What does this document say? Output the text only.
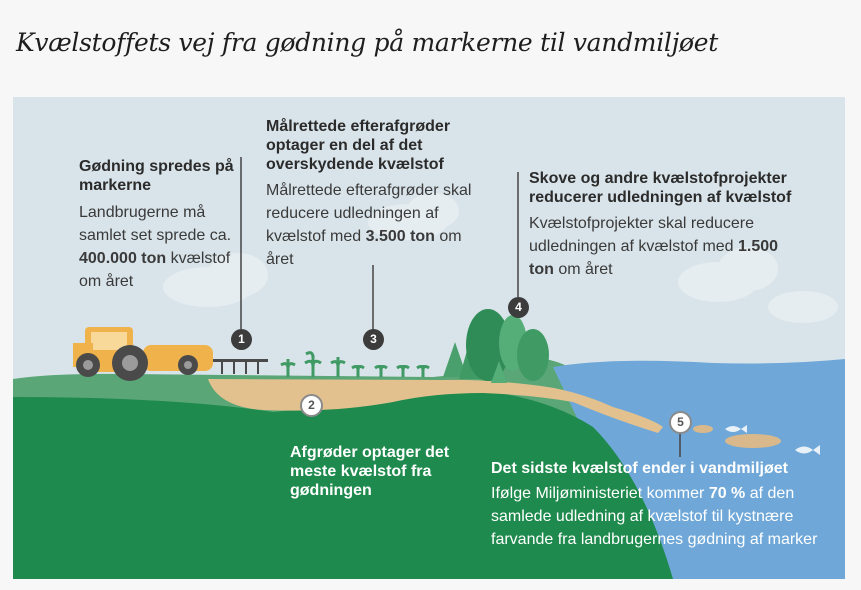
Kvælstoffets vej fra gødning på markerne til vandmiljøet
1
2
3
4
5
Gødning spredes på markerne
Landbrugerne må samlet set sprede ca. 400.000 ton kvælstof om året
Målrettede efterafgrøder optager en del af det overskydende kvælstof
Målrettede efterafgrøder skal reducere udledningen af kvælstof med 3.500 ton om året
Skove og andre kvælstofprojekter reducerer udledningen af kvælstof
Kvælstofprojekter skal reducere udledningen af kvælstof med 1.500 ton om året
Afgrøder optager det meste kvælstof fra gødningen
Det sidste kvælstof ender i vandmiljøet
Ifølge Miljøministeriet kommer 70 % af den samlede udledning af kvælstof til kystnære farvande fra landbrugernes gødning af marker
